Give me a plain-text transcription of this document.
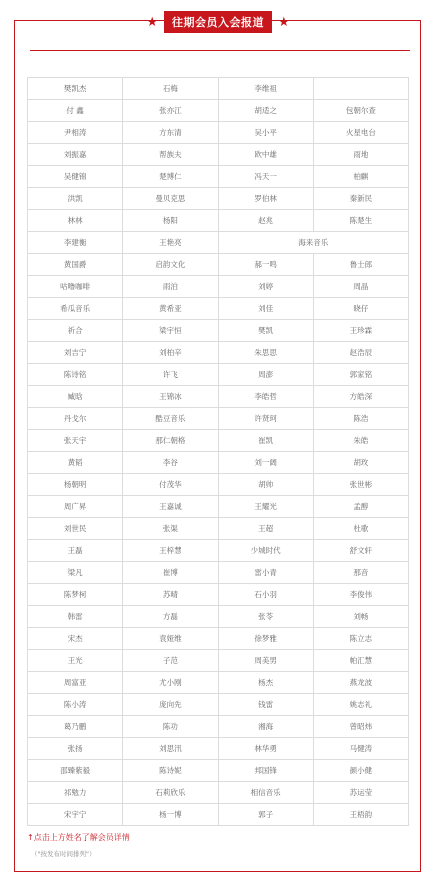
★	往期会员入会报道	★
樊凯杰	石梅	李维祖	
付 鑫	张亦江	胡适之	包朝尔查
尹相涛	方东清	吴小平	火星电台
刘振嘉	帮族夫	欧中雄	雨地
吴健锦	楚博仁	冯天一	柏麒
洪凯	曼贝克思	罗伯林	秦新民
林林	杨阳	赵兆	陈楚生
李建衡	王艳亮	海来音乐	
黄国爵	启韵文化	郝一鸣	鲁士郎
咕噜咖啡	雨泊	刘婷	周晶
希瓜音乐	黄希亚	刘佳	晓仔
祈合	梁宇恒	樊凯	王珍霖
刘吉宁	刘柏辛	朱思思	赵浩辰
陈诗铭	许飞	周澎	郭家铭
臧晗	王锦冰	李皓哲	方皓深
丹戈尔	酷豆音乐	许贤珂	陈浩
张天宇	那仁朝格	崔凯	朱皓
黄韬	李谷	刘一阔	胡玫
杨朝明	付茂华	胡帅	张世彬
周广昇	王嘉诚	王耀光	孟醇
刘世民	张渠	王超	杜歌
王磊	王梓慧	少城时代	舒文轩
梁凡	崔博	雷小青	那音
陈梦柯	苏晴	石小羽	李俊伟
韩雷	方磊	张苓	刘畅
宋杰	袁娅维	徐梦雅	陈立志
王光	子范	周美男	帕汇慧
周富亚	尤小刚	杨杰	燕龙波
陈小涛	庞向先	钱雷	姚志礼
葛乃鹏	陈功	湘海	曾昭炜
张扬	刘思汛	林华勇	马健涛
邵臻紫毅	陈诗妮	邦国锋	颜小健
祁勉力	石莉欣乐	相信音乐	苏运莹
宋宇宁	杨一博	郭子	王梧韵
↑点击上方姓名了解会员详情
（"按发布时间排列"）
